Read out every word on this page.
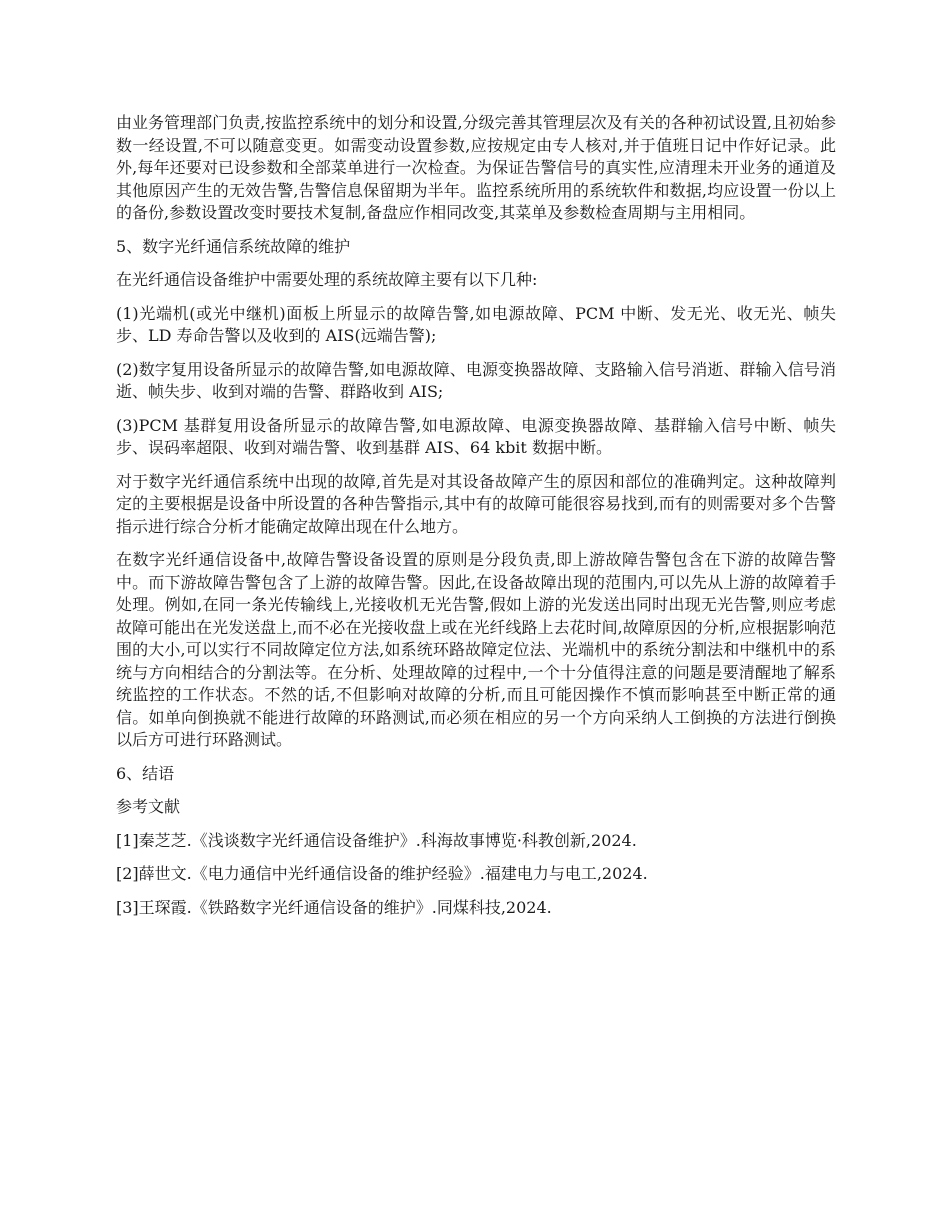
由业务管理部门负责,按监控系统中的划分和设置,分级完善其管理层次及有关的各种初试设置,且初始参数一经设置,不可以随意变更。如需变动设置参数,应按规定由专人核对,并于值班日记中作好记录。此外,每年还要对已设参数和全部菜单进行一次检查。为保证告警信号的真实性,应清理未开业务的通道及其他原因产生的无效告警,告警信息保留期为半年。监控系统所用的系统软件和数据,均应设置一份以上的备份,参数设置改变时要技术复制,备盘应作相同改变,其菜单及参数检查周期与主用相同。

5、数字光纤通信系统故障的维护

在光纤通信设备维护中需要处理的系统故障主要有以下几种:

(1)光端机(或光中继机)面板上所显示的故障告警,如电源故障、PCM 中断、发无光、收无光、帧失步、LD 寿命告警以及收到的 AIS(远端告警);

(2)数字复用设备所显示的故障告警,如电源故障、电源变换器故障、支路输入信号消逝、群输入信号消逝、帧失步、收到对端的告警、群路收到 AIS;

(3)PCM 基群复用设备所显示的故障告警,如电源故障、电源变换器故障、基群输入信号中断、帧失步、误码率超限、收到对端告警、收到基群 AIS、64 kbit 数据中断。

对于数字光纤通信系统中出现的故障,首先是对其设备故障产生的原因和部位的准确判定。这种故障判定的主要根据是设备中所设置的各种告警指示,其中有的故障可能很容易找到,而有的则需要对多个告警指示进行综合分析才能确定故障出现在什么地方。

在数字光纤通信设备中,故障告警设备设置的原则是分段负责,即上游故障告警包含在下游的故障告警中。而下游故障告警包含了上游的故障告警。因此,在设备故障出现的范围内,可以先从上游的故障着手处理。例如,在同一条光传输线上,光接收机无光告警,假如上游的光发送出同时出现无光告警,则应考虑故障可能出在光发送盘上,而不必在光接收盘上或在光纤线路上去花时间,故障原因的分析,应根据影响范围的大小,可以实行不同故障定位方法,如系统环路故障定位法、光端机中的系统分割法和中继机中的系统与方向相结合的分割法等。在分析、处理故障的过程中,一个十分值得注意的问题是要清醒地了解系统监控的工作状态。不然的话,不但影响对故障的分析,而且可能因操作不慎而影响甚至中断正常的通信。如单向倒换就不能进行故障的环路测试,而必须在相应的另一个方向采纳人工倒换的方法进行倒换以后方可进行环路测试。

6、结语

参考文献

[1]秦芝芝.《浅谈数字光纤通信设备维护》.科海故事博览·科教创新,2024.

[2]薛世文.《电力通信中光纤通信设备的维护经验》.福建电力与电工,2024.

[3]王琛霞.《铁路数字光纤通信设备的维护》.同煤科技,2024.
